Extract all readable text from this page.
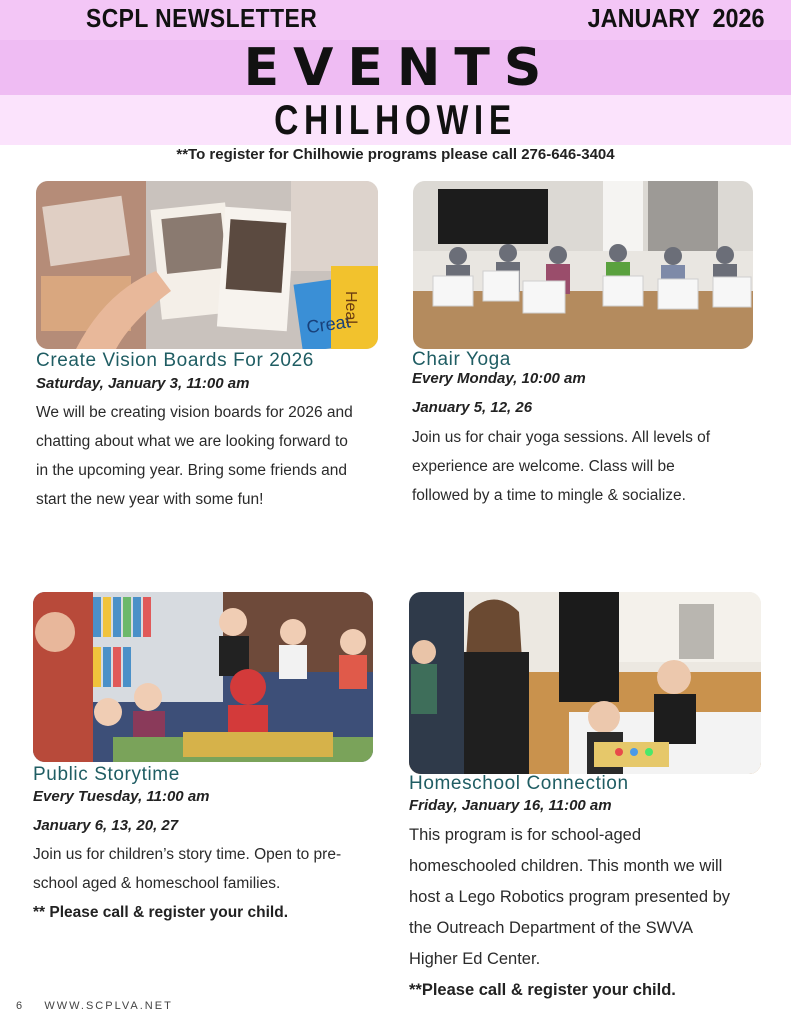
SCPL NEWSLETTER	JANUARY  2026
EVENTS
CHILHOWIE
**To register for Chilhowie programs please call 276-646-3404
Creat
Heal
Create Vision Boards For 2026
Saturday, January 3, 11:00 am

We will be creating vision boards for 2026 and

chatting about what we are looking forward to

in the upcoming year. Bring some friends and

start the new year with some fun!

Chair Yoga
Every Monday, 10:00 am
January 5, 12, 26

Join us for chair yoga sessions. All levels of

experience are welcome. Class will be

followed by a time to mingle & socialize.

Public Storytime
Every Tuesday, 11:00 am
January 6, 13, 20, 27

Join us for children’s story time. Open to pre-

school aged & homeschool families.

** Please call & register your child.

Homeschool Connection
Friday, January 16, 11:00 am

This program is for school-aged

homeschooled children. This month we will

host a Lego Robotics program presented by

the Outreach Department of the SWVA

Higher Ed Center.

**Please call & register your child.

6 WWW.SCPLVA.NET
